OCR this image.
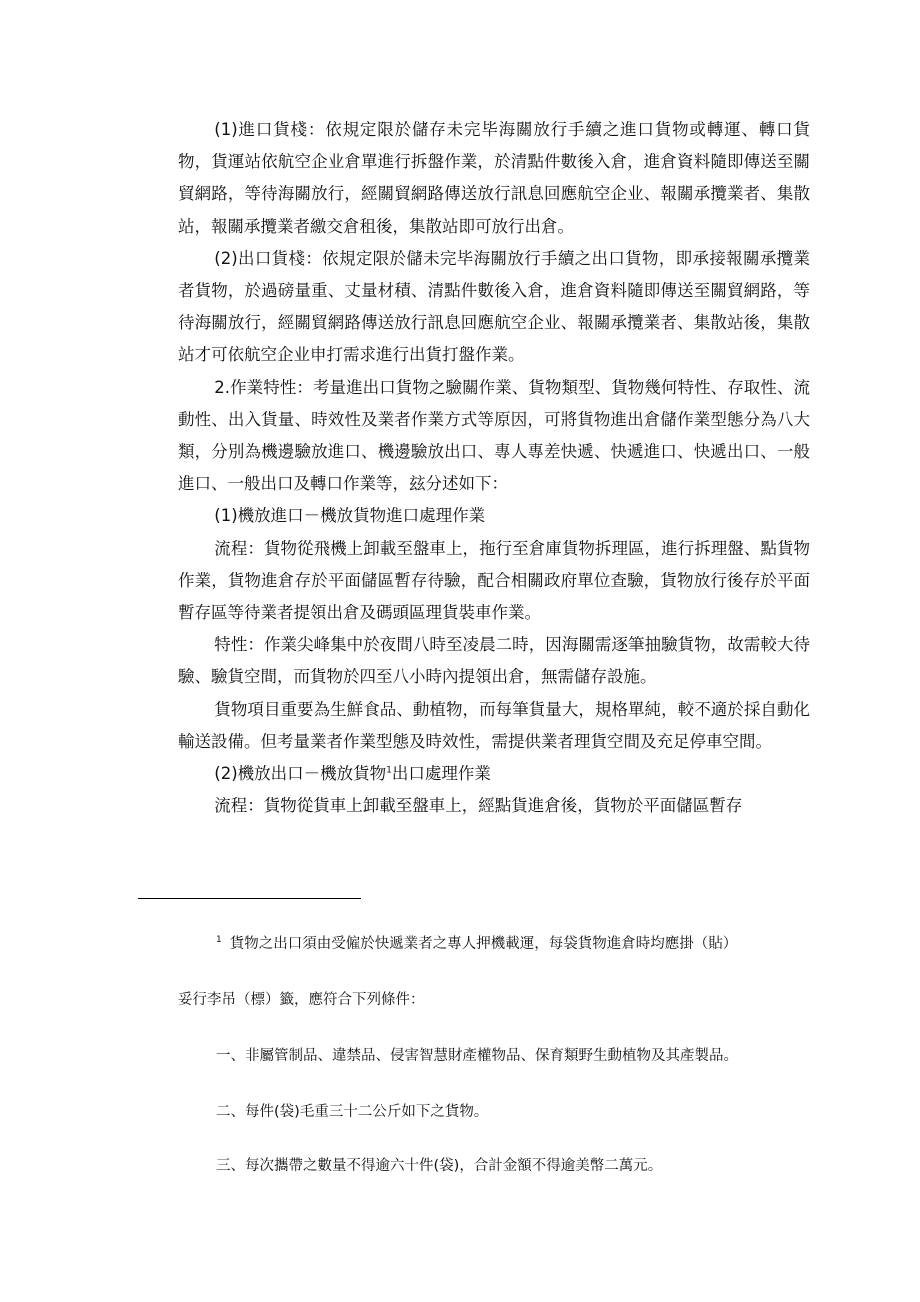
(1)進口貨棧：依規定限於儲存未完毕海關放行手續之進口貨物或轉運、轉口貨物，貨運站依航空企业倉單進行拆盤作業，於清點件數後入倉，進倉資料隨即傳送至關貿網路，等待海關放行，經關貿網路傳送放行訊息回應航空企业、報關承攬業者、集散站，報關承攬業者繳交倉租後，集散站即可放行出倉。

(2)出口貨棧：依規定限於儲未完毕海關放行手續之出口貨物，即承接報關承攬業者貨物，於過磅量重、丈量材積、清點件數後入倉，進倉資料隨即傳送至關貿網路，等待海關放行，經關貿網路傳送放行訊息回應航空企业、報關承攬業者、集散站後，集散站才可依航空企业申打需求進行出貨打盤作業。

2.作業特性：考量進出口貨物之驗關作業、貨物類型、貨物幾何特性、存取性、流動性、出入貨量、時效性及業者作業方式等原因，可將貨物進出倉儲作業型態分為八大類，分別為機邊驗放進口、機邊驗放出口、專人專差快遞、快遞進口、快遞出口、一般進口、一般出口及轉口作業等，玆分述如下：

(1)機放進口－機放貨物進口處理作業

流程：貨物從飛機上卸載至盤車上，拖行至倉庫貨物拆理區，進行拆理盤、點貨物作業，貨物進倉存於平面儲區暫存待驗，配合相關政府單位查驗，貨物放行後存於平面暫存區等待業者提領出倉及碼頭區理貨裝車作業。

特性：作業尖峰集中於夜間八時至凌晨二時，因海關需逐筆抽驗貨物，故需較大待驗、驗貨空間，而貨物於四至八小時內提領出倉，無需儲存設施。

貨物項目重要為生鮮食品、動植物，而每筆貨量大，規格單純，較不適於採自動化輸送設備。但考量業者作業型態及時效性，需提供業者理貨空間及充足停車空間。

(2)機放出口－機放貨物$^1$出口處理作業

流程：貨物從貨車上卸載至盤車上，經點貨進倉後，貨物於平面儲區暫存

$^1$ 貨物之出口須由受僱於快遞業者之專人押機載運，每袋貨物進倉時均應掛（貼）
妥行李吊（標）籤，應符合下列條件：
一、非屬管制品、違禁品、侵害智慧財產權物品、保育類野生動植物及其產製品。
二、每件(袋)毛重三十二公斤如下之貨物。
三、每次攜帶之數量不得逾六十件(袋)，合計金額不得逾美幣二萬元。
